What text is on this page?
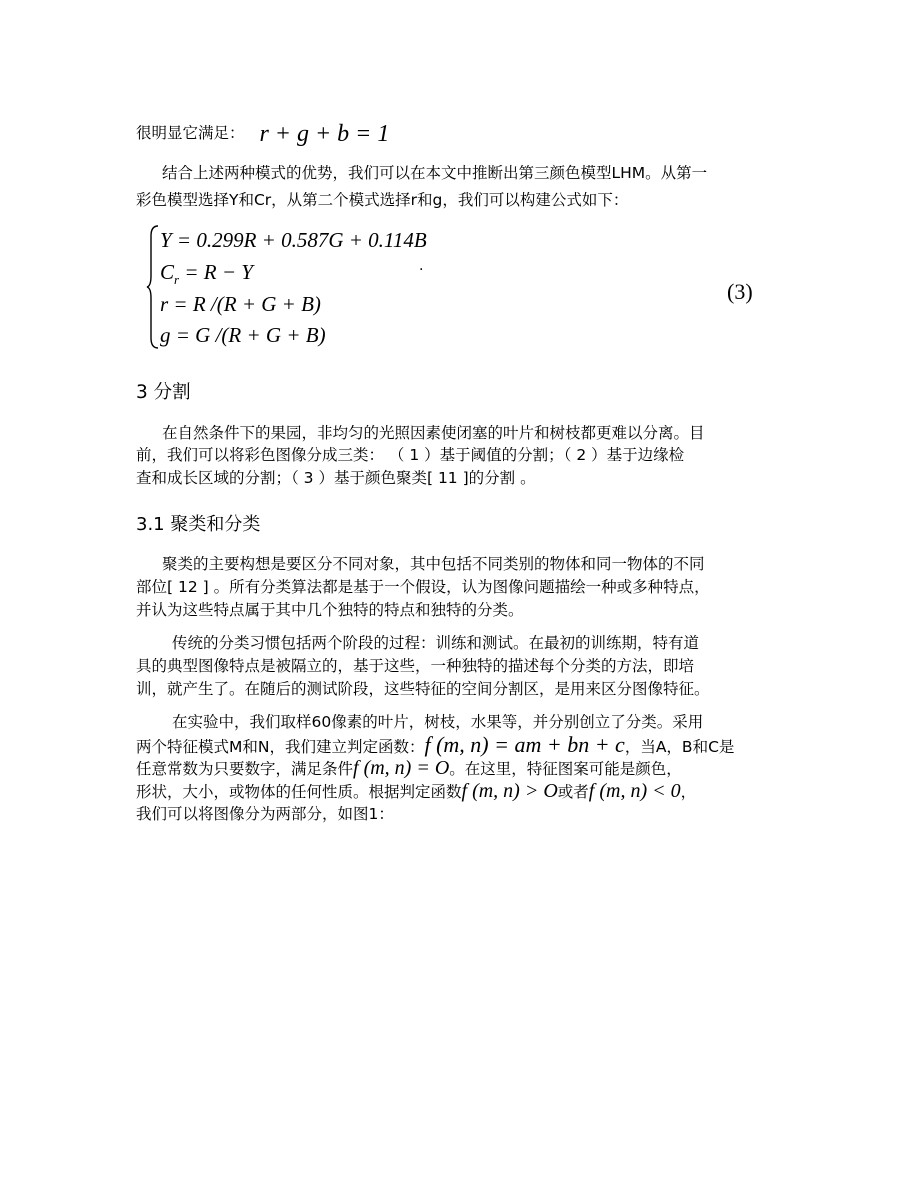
很明显它满足： r + g + b = 1
结合上述两种模式的优势，我们可以在本文中推断出第三颜色模型LHM。从第一
彩色模型选择Y和Cr，从第二个模式选择r和g，我们可以构建公式如下：
Y = 0.299R + 0.587G + 0.114B
$C_r = R - Y$
r = R /(R + G + B)
g = G /(R + G + B)
.
(3)
3 分割
在自然条件下的果园，非均匀的光照因素使闭塞的叶片和树枝都更难以分离。目
前，我们可以将彩色图像分成三类： （ 1 ）基于阈值的分割；（ 2 ）基于边缘检
查和成长区域的分割；（ 3 ）基于颜色聚类[ 11 ]的分割 。
3.1 聚类和分类
聚类的主要构想是要区分不同对象，其中包括不同类别的物体和同一物体的不同
部位[ 12 ] 。所有分类算法都是基于一个假设，认为图像问题描绘一种或多种特点，
并认为这些特点属于其中几个独特的特点和独特的分类。
传统的分类习惯包括两个阶段的过程：训练和测试。在最初的训练期，特有道
具的典型图像特点是被隔立的，基于这些，一种独特的描述每个分类的方法，即培
训，就产生了。在随后的测试阶段，这些特征的空间分割区，是用来区分图像特征。
在实验中，我们取样60像素的叶片，树枝，水果等，并分别创立了分类。采用
两个特征模式M和N，我们建立判定函数：f (m, n) = am + bn + c，当A，B和C是
任意常数为只要数字，满足条件f (m, n) = O。在这里，特征图案可能是颜色，
形状，大小，或物体的任何性质。根据判定函数f (m, n) > O或者f (m, n) < 0，
我们可以将图像分为两部分，如图1：
